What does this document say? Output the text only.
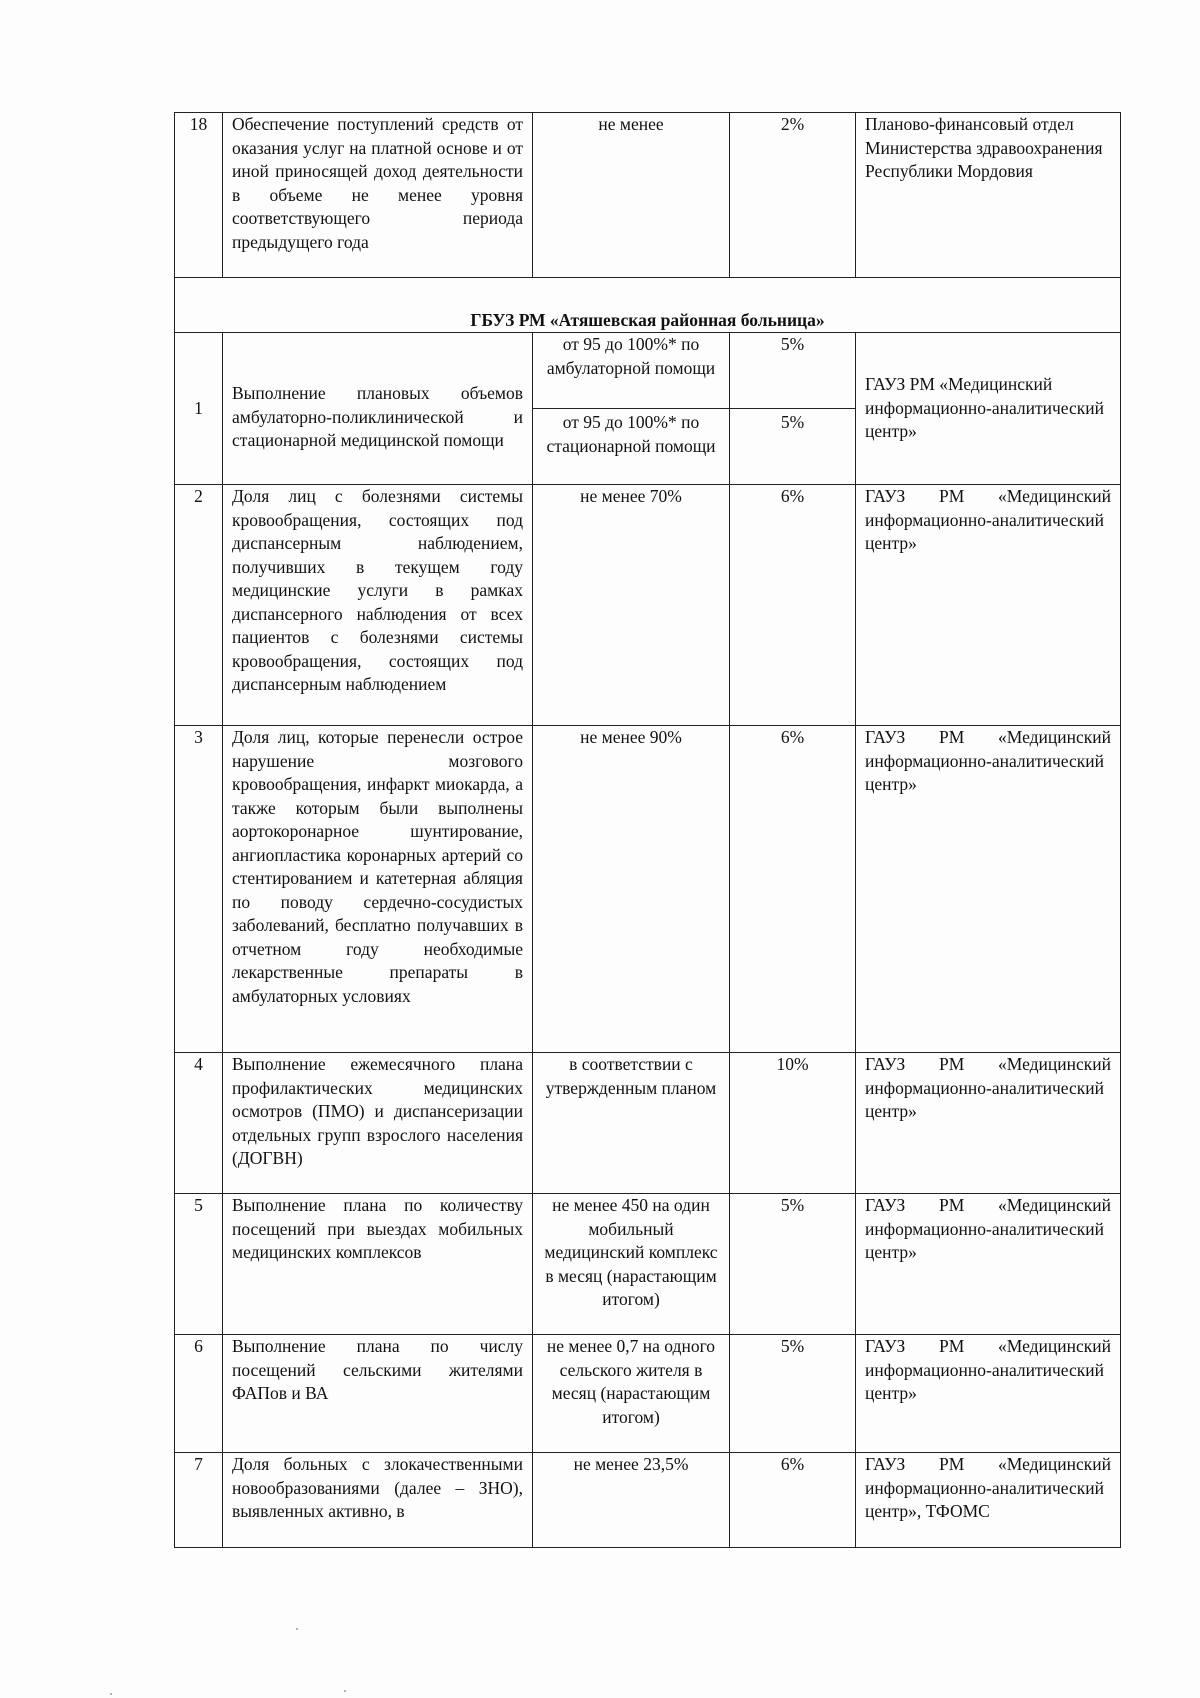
18	Обеспечение поступлений средств от оказания услуг на платной основе и от иной приносящей доход деятельности в объеме не менее уровня соответствующего периода предыдущего года	не менее	2%	Планово-финансовый отдел Министерства здравоохранения Республики Мордовия
ГБУЗ РМ «Атяшевская районная больница»				
1	Выполнение плановых объемов амбулаторно-поликлинической и стационарной медицинской помощи	от 95 до 100%* по амбулаторной помощи	5%	ГАУЗ РМ «Медицинский информационно-аналитический центр»
		от 95 до 100%* по стационарной помощи	5%	
2	Доля лиц с болезнями системы кровообращения, состоящих под диспансерным наблюдением, получивших в текущем году медицинские услуги в рамках диспансерного наблюдения от всех пациентов с болезнями системы кровообращения, состоящих под диспансерным наблюдением	не менее 70%	6%	ГАУЗ РМ «Медицинский информационно-аналитический центр»
3	Доля лиц, которые перенесли острое нарушение мозгового кровообращения, инфаркт миокарда, а также которым были выполнены аортокоронарное шунтирование, ангиопластика коронарных артерий со стентированием и катетерная абляция по поводу сердечно-сосудистых заболеваний, бесплатно получавших в отчетном году необходимые лекарственные препараты в амбулаторных условиях	не менее 90%	6%	ГАУЗ РМ «Медицинский информационно-аналитический центр»
4	Выполнение ежемесячного плана профилактических медицинских осмотров (ПМО) и диспансеризации отдельных групп взрослого населения (ДОГВН)	в соответствии с утвержденным планом	10%	ГАУЗ РМ «Медицинский информационно-аналитический центр»
5	Выполнение плана по количеству посещений при выездах мобильных медицинских комплексов	не менее 450 на один мобильный медицинский комплекс в месяц (нарастающим итогом)	5%	ГАУЗ РМ «Медицинский информационно-аналитический центр»
6	Выполнение плана по числу посещений сельскими жителями ФАПов и ВА	не менее 0,7 на одного сельского жителя в месяц (нарастающим итогом)	5%	ГАУЗ РМ «Медицинский информационно-аналитический центр»
7	Доля больных с злокачественными новообразованиями (далее – ЗНО), выявленных активно, в	не менее 23,5%	6%	ГАУЗ РМ «Медицинский информационно-аналитический центр», ТФОМС
